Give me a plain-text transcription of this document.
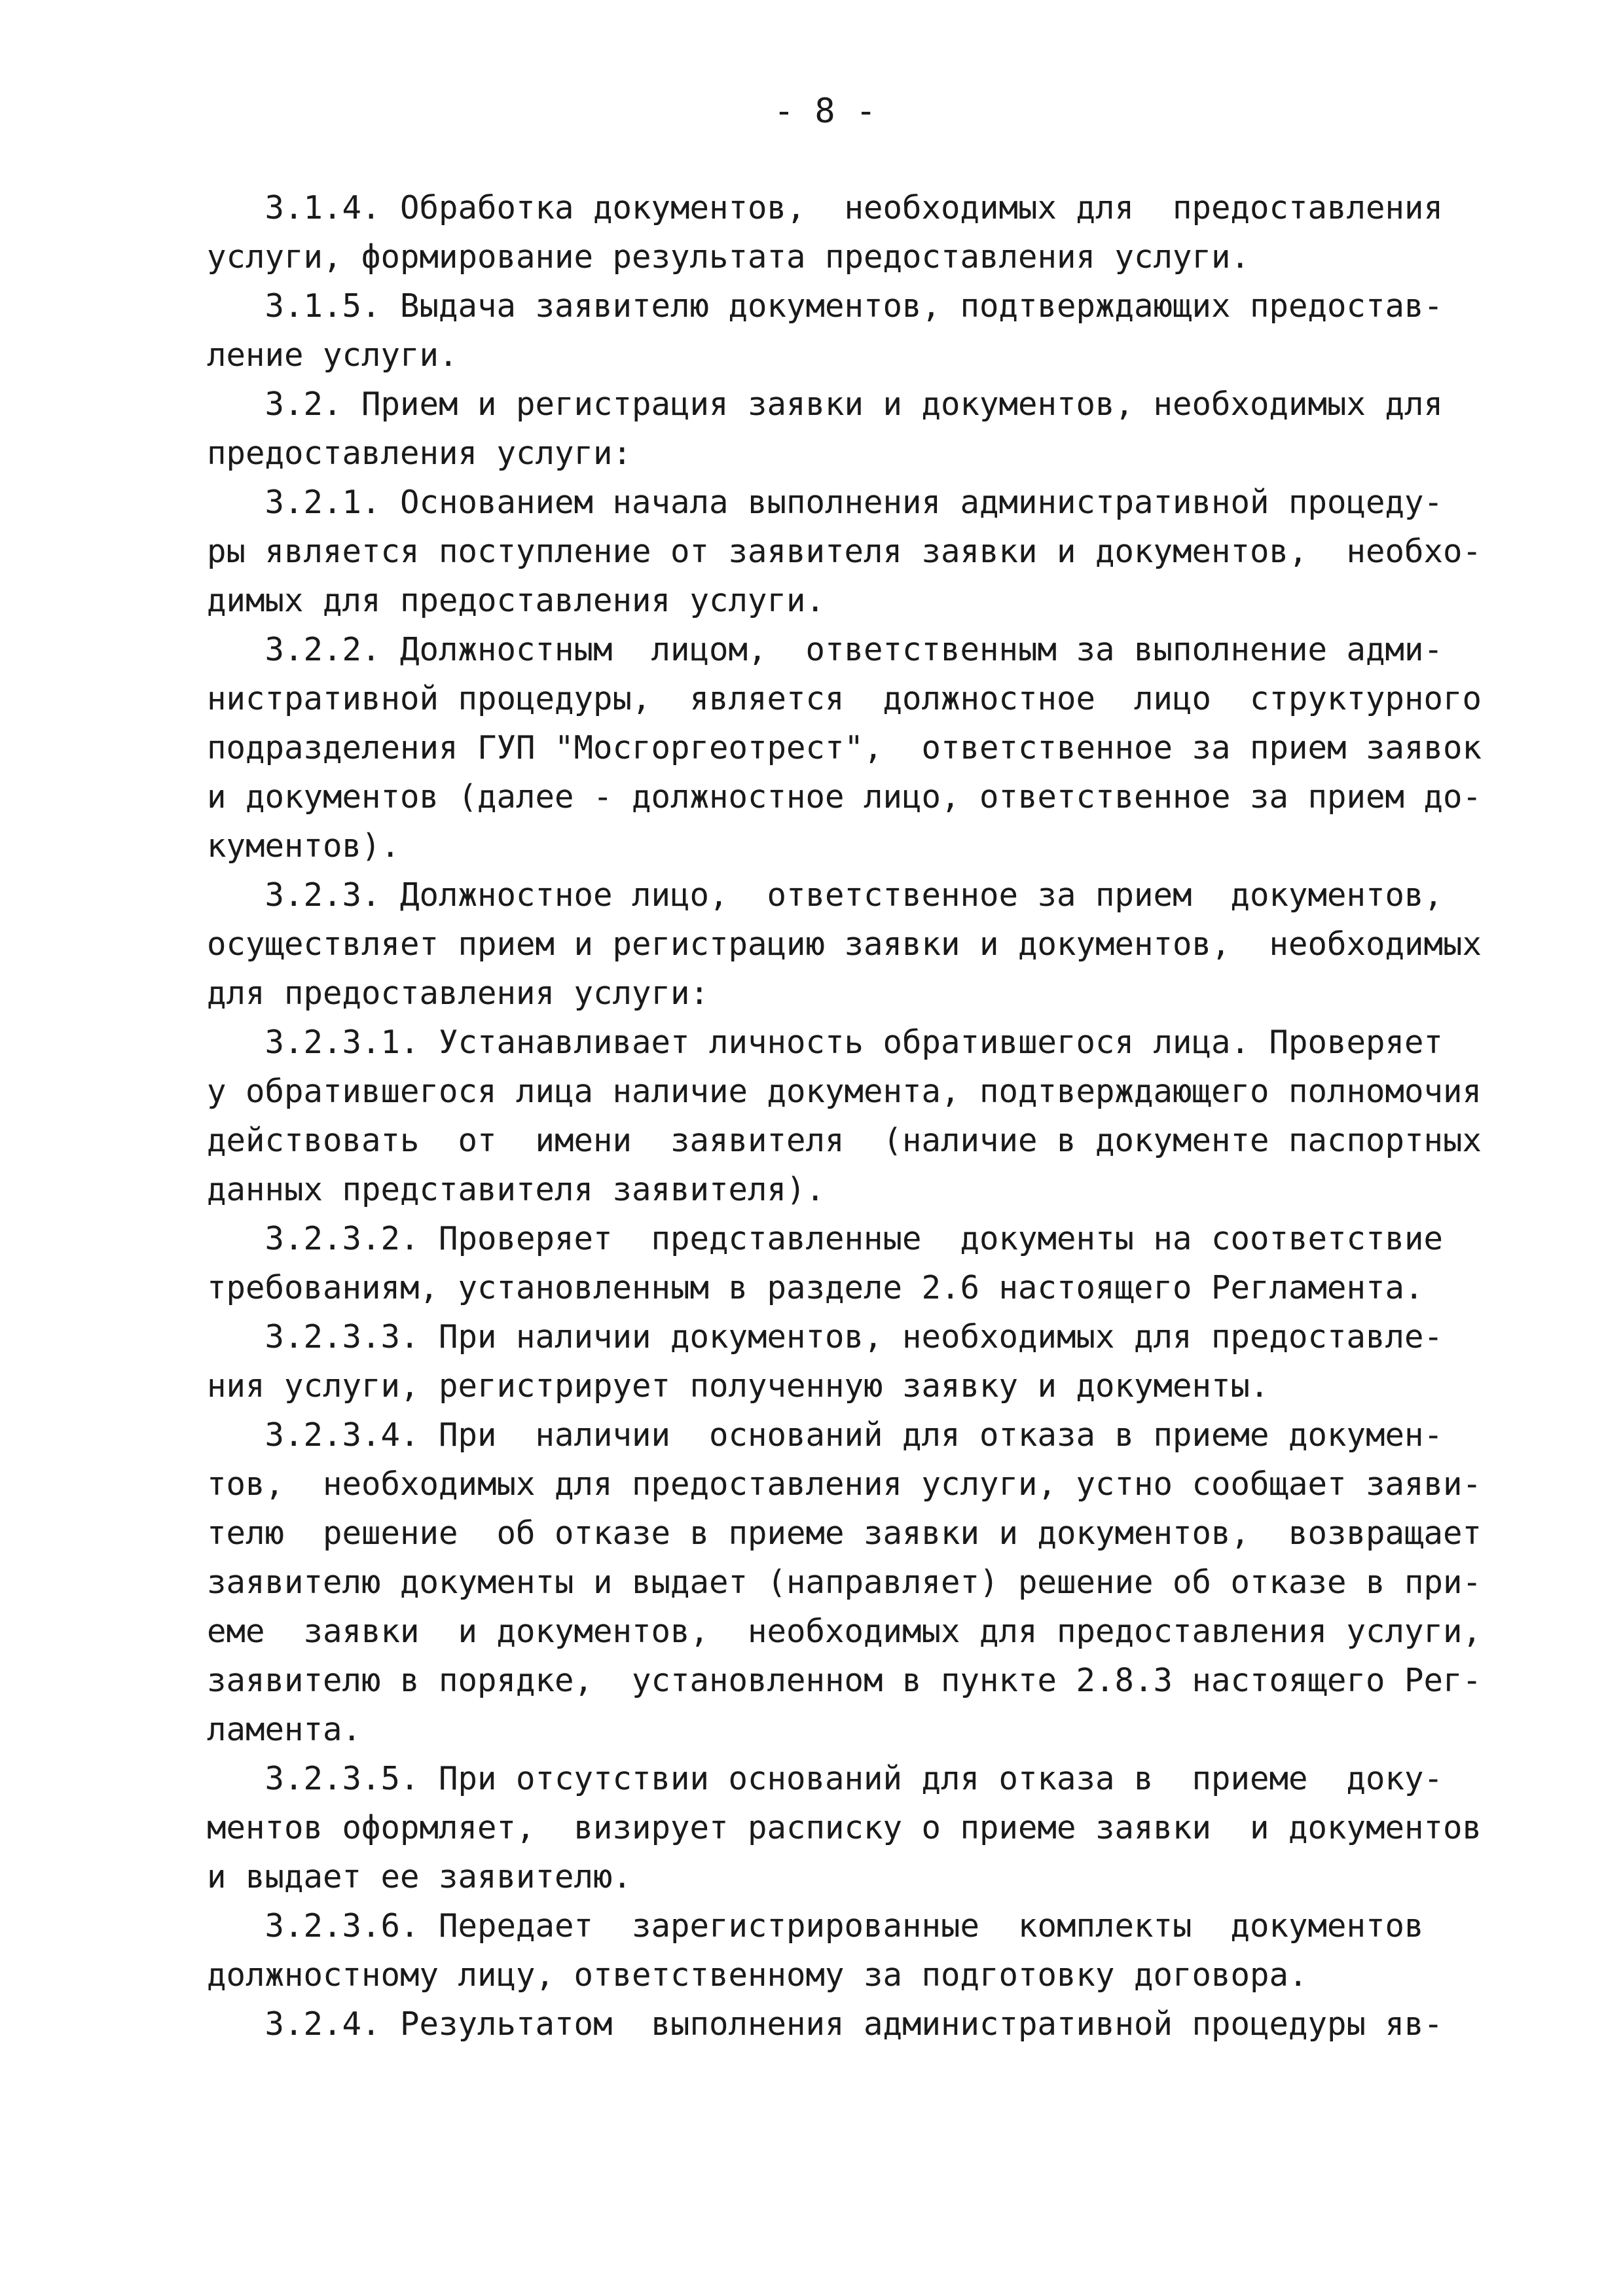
- 8 -
3.1.4. Обработка документов,  необходимых для  предоставления
услуги, формирование результата предоставления услуги.
3.1.5. Выдача заявителю документов, подтверждающих предостав-
ление услуги.
3.2. Прием и регистрация заявки и документов, необходимых для
предоставления услуги:
3.2.1. Основанием начала выполнения административной процеду-
ры является поступление от заявителя заявки и документов,  необхо-
димых для предоставления услуги.
3.2.2. Должностным  лицом,  ответственным за выполнение адми-
нистративной процедуры,  является  должностное  лицо  структурного
подразделения ГУП "Мосгоргеотрест",  ответственное за прием заявок
и документов (далее - должностное лицо, ответственное за прием до-
кументов).
3.2.3. Должностное лицо,  ответственное за прием  документов,
осуществляет прием и регистрацию заявки и документов,  необходимых
для предоставления услуги:
3.2.3.1. Устанавливает личность обратившегося лица. Проверяет
у обратившегося лица наличие документа, подтверждающего полномочия
действовать  от  имени  заявителя  (наличие в документе паспортных
данных представителя заявителя).
3.2.3.2. Проверяет  представленные  документы на соответствие
требованиям, установленным в разделе 2.6 настоящего Регламента.
3.2.3.3. При наличии документов, необходимых для предоставле-
ния услуги, регистрирует полученную заявку и документы.
3.2.3.4. При  наличии  оснований для отказа в приеме докумен-
тов,  необходимых для предоставления услуги, устно сообщает заяви-
телю  решение  об отказе в приеме заявки и документов,  возвращает
заявителю документы и выдает (направляет) решение об отказе в при-
еме  заявки  и документов,  необходимых для предоставления услуги,
заявителю в порядке,  установленном в пункте 2.8.3 настоящего Рег-
ламента.
3.2.3.5. При отсутствии оснований для отказа в  приеме  доку-
ментов оформляет,  визирует расписку о приеме заявки  и документов
и выдает ее заявителю.
3.2.3.6. Передает  зарегистрированные  комплекты  документов
должностному лицу, ответственному за подготовку договора.
3.2.4. Результатом  выполнения административной процедуры яв-
